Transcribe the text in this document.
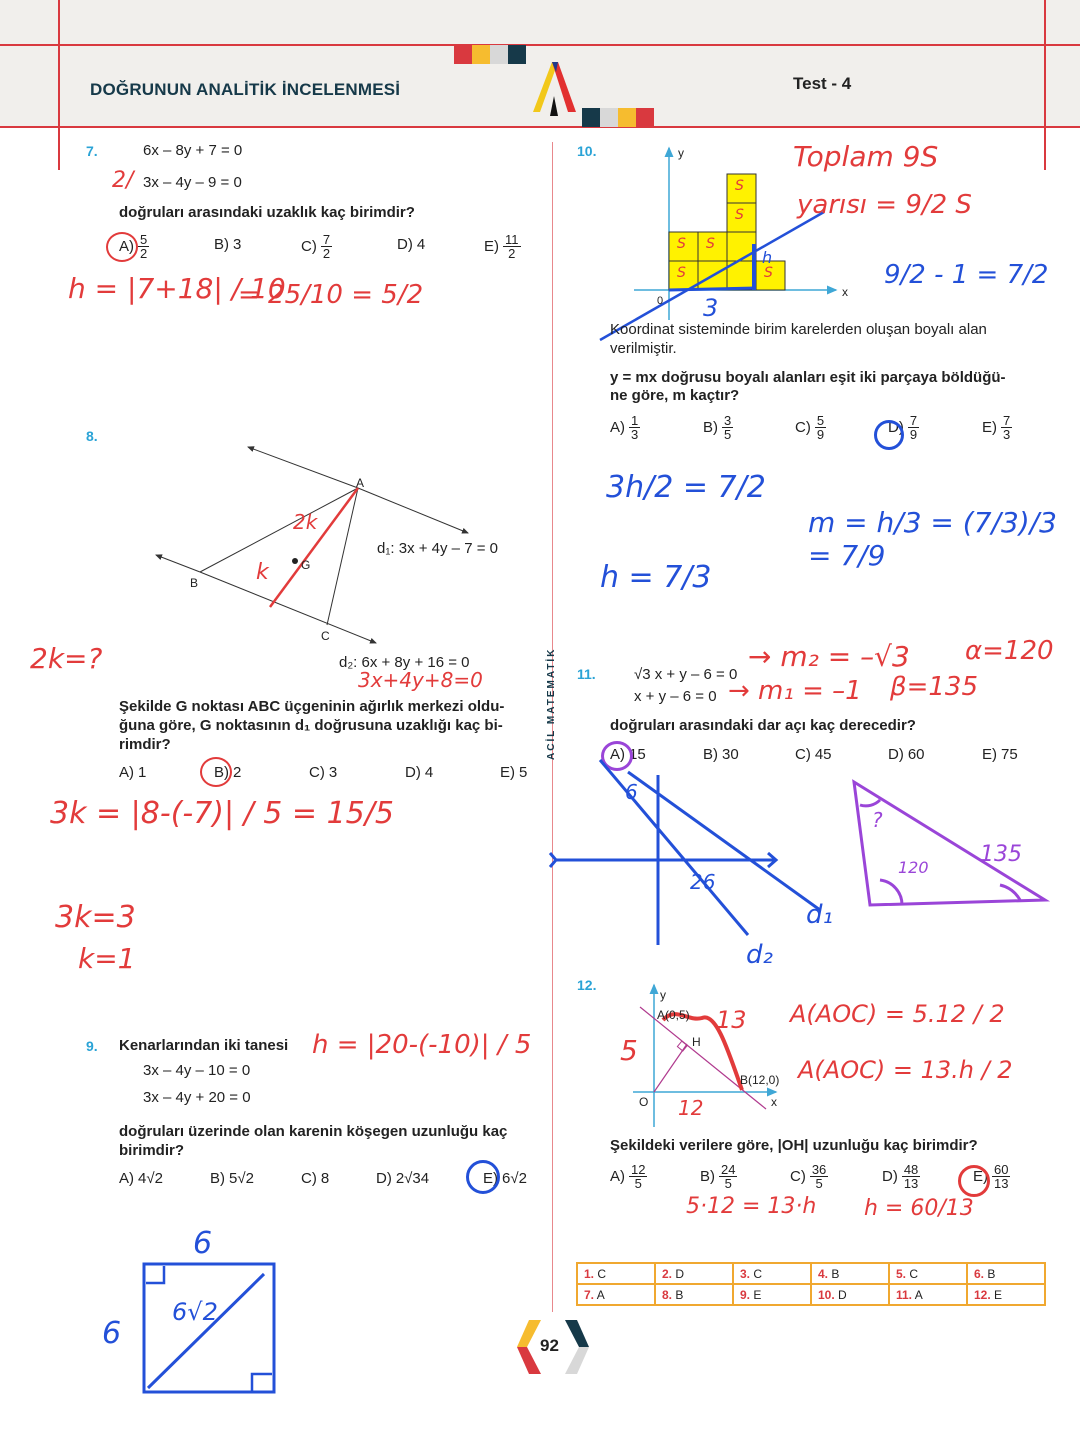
DOĞRUNUN ANALİTİK İNCELENMESİ	Test - 4
ACİL MATEMATİK
7.	6x – 8y + 7 = 0
2/ 3x – 4y – 9 = 0
doğruları arasındaki uzaklık kaç birimdir?
$A) \frac{5}{2}$	B) 3	$C) \frac{7}{2}$	D) 4	$E) \frac{11}{2}$
h = |7+18| / 10
= 25/10 = 5/2
8.
A
B
C
G
2k
k
d₁: 3x + 4y – 7 = 0
d₂: 6x + 8y + 16 = 0
2k=?
3x+4y+8=0
Şekilde G noktası ABC üçgeninin ağırlık merkezi oldu-
ğuna göre, G noktasının d₁ doğrusuna uzaklığı kaç bi-
rimdir?
A) 1	B) 2	C) 3	D) 4	E) 5
3k = |8-(-7)| / 5 = 15/5
3k=3
k=1
9. Kenarlarından iki tanesi
3x – 4y – 10 = 0
3x – 4y + 20 = 0
h = |20-(-10)| / 5
doğruları üzerinde olan karenin köşegen uzunluğu kaç
birimdir?
A) 4√2	B) 5√2	C) 8	D) 2√34	E) 6√2
6
6
6√2
10.	y
x
0
S
S
S S
S	S
h
3
Toplam 9S
yarısı = 9/2 S
9/2 - 1 = 7/2
Koordinat sisteminde birim karelerden oluşan boyalı alan
verilmiştir.
y = mx doğrusu boyalı alanları eşit iki parçaya böldüğü-
ne göre, m kaçtır?
$A) \frac{1}{3}$	$B) \frac{3}{5}$	$C) \frac{5}{9}$	$D) \frac{7}{9}$	$E) \frac{7}{3}$
3h/2 = 7/2
h = 7/3
m = h/3 = (7/3)/3 = 7/9
11.	√3 x + y – 6 = 0
x + y – 6 = 0
→ m₂ = –√3
→ m₁ = –1
α=120
β=135
doğruları arasındaki dar açı kaç derecedir?
A) 15	B) 30	C) 45	D) 60	E) 75
6
26
d₁
d₂
?
120
135
12.
y
x
A(0,5)
H
B(12,0)
O
5
12
13 A(AOC) = 5.12 / 2
A(AOC) = 13.h / 2
Şekildeki verilere göre, |OH| uzunluğu kaç birimdir?
$A) \frac{12}{5}$	$B) \frac{24}{5}$	$C) \frac{36}{5}$	$D) \frac{48}{13}$	$E) \frac{60}{13}$
5·12 = 13·h h = 60/13
1. C	2. D	3. C	4. B	5. C	6. B
7. A	8. B	9. E	10. D	11. A	12. E
92
